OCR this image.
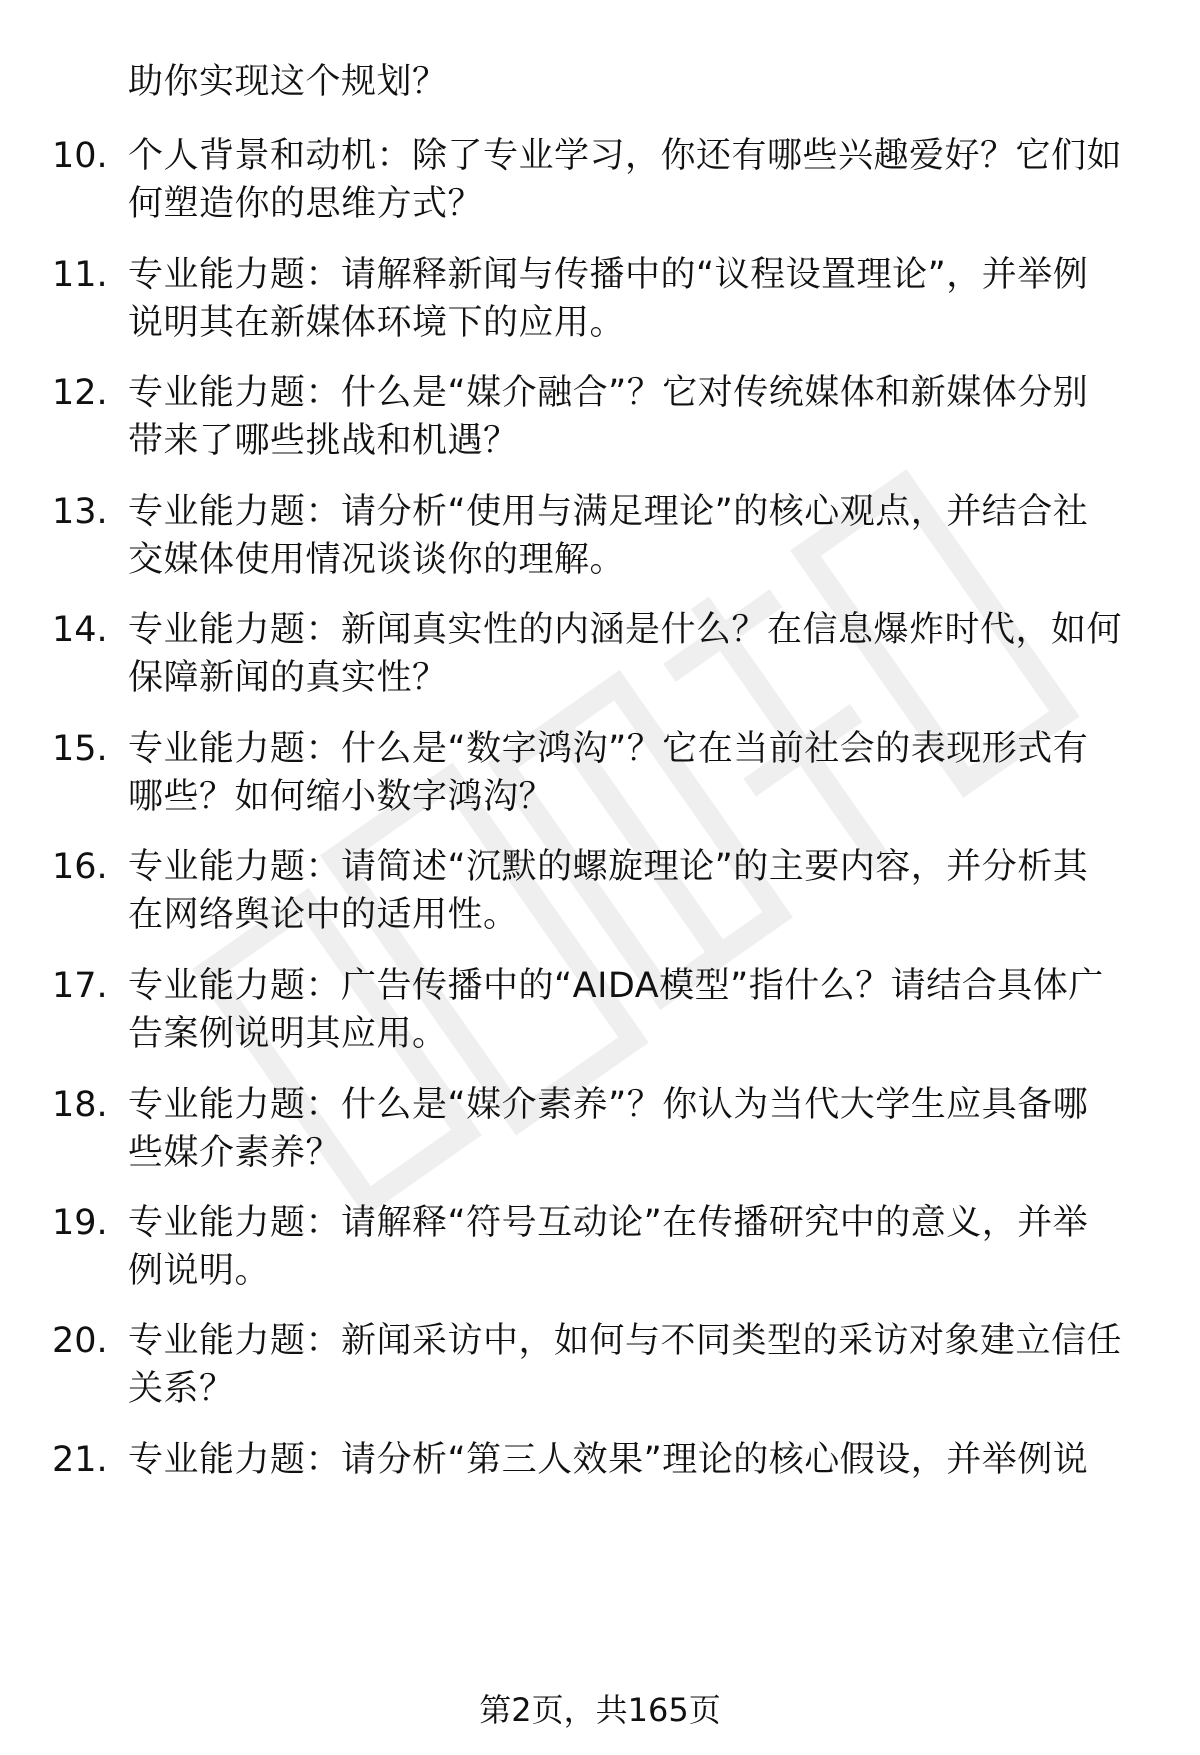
助你实现这个规划？
10. 个人背景和动机：除了专业学习，你还有哪些兴趣爱好？它们如
何塑造你的思维方式？
11. 专业能力题：请解释新闻与传播中的“议程设置理论”，并举例
说明其在新媒体环境下的应用。
12. 专业能力题：什么是“媒介融合”？它对传统媒体和新媒体分别
带来了哪些挑战和机遇？
13. 专业能力题：请分析“使用与满足理论”的核心观点，并结合社
交媒体使用情况谈谈你的理解。
14. 专业能力题：新闻真实性的内涵是什么？在信息爆炸时代，如何
保障新闻的真实性？
15. 专业能力题：什么是“数字鸿沟”？它在当前社会的表现形式有
哪些？如何缩小数字鸿沟？
16. 专业能力题：请简述“沉默的螺旋理论”的主要内容，并分析其
在网络舆论中的适用性。
17. 专业能力题：广告传播中的“AIDA模型”指什么？请结合具体广
告案例说明其应用。
18. 专业能力题：什么是“媒介素养”？你认为当代大学生应具备哪
些媒介素养？
19. 专业能力题：请解释“符号互动论”在传播研究中的意义，并举
例说明。
20. 专业能力题：新闻采访中，如何与不同类型的采访对象建立信任
关系？
21. 专业能力题：请分析“第三人效果”理论的核心假设，并举例说
第2页，共165页
